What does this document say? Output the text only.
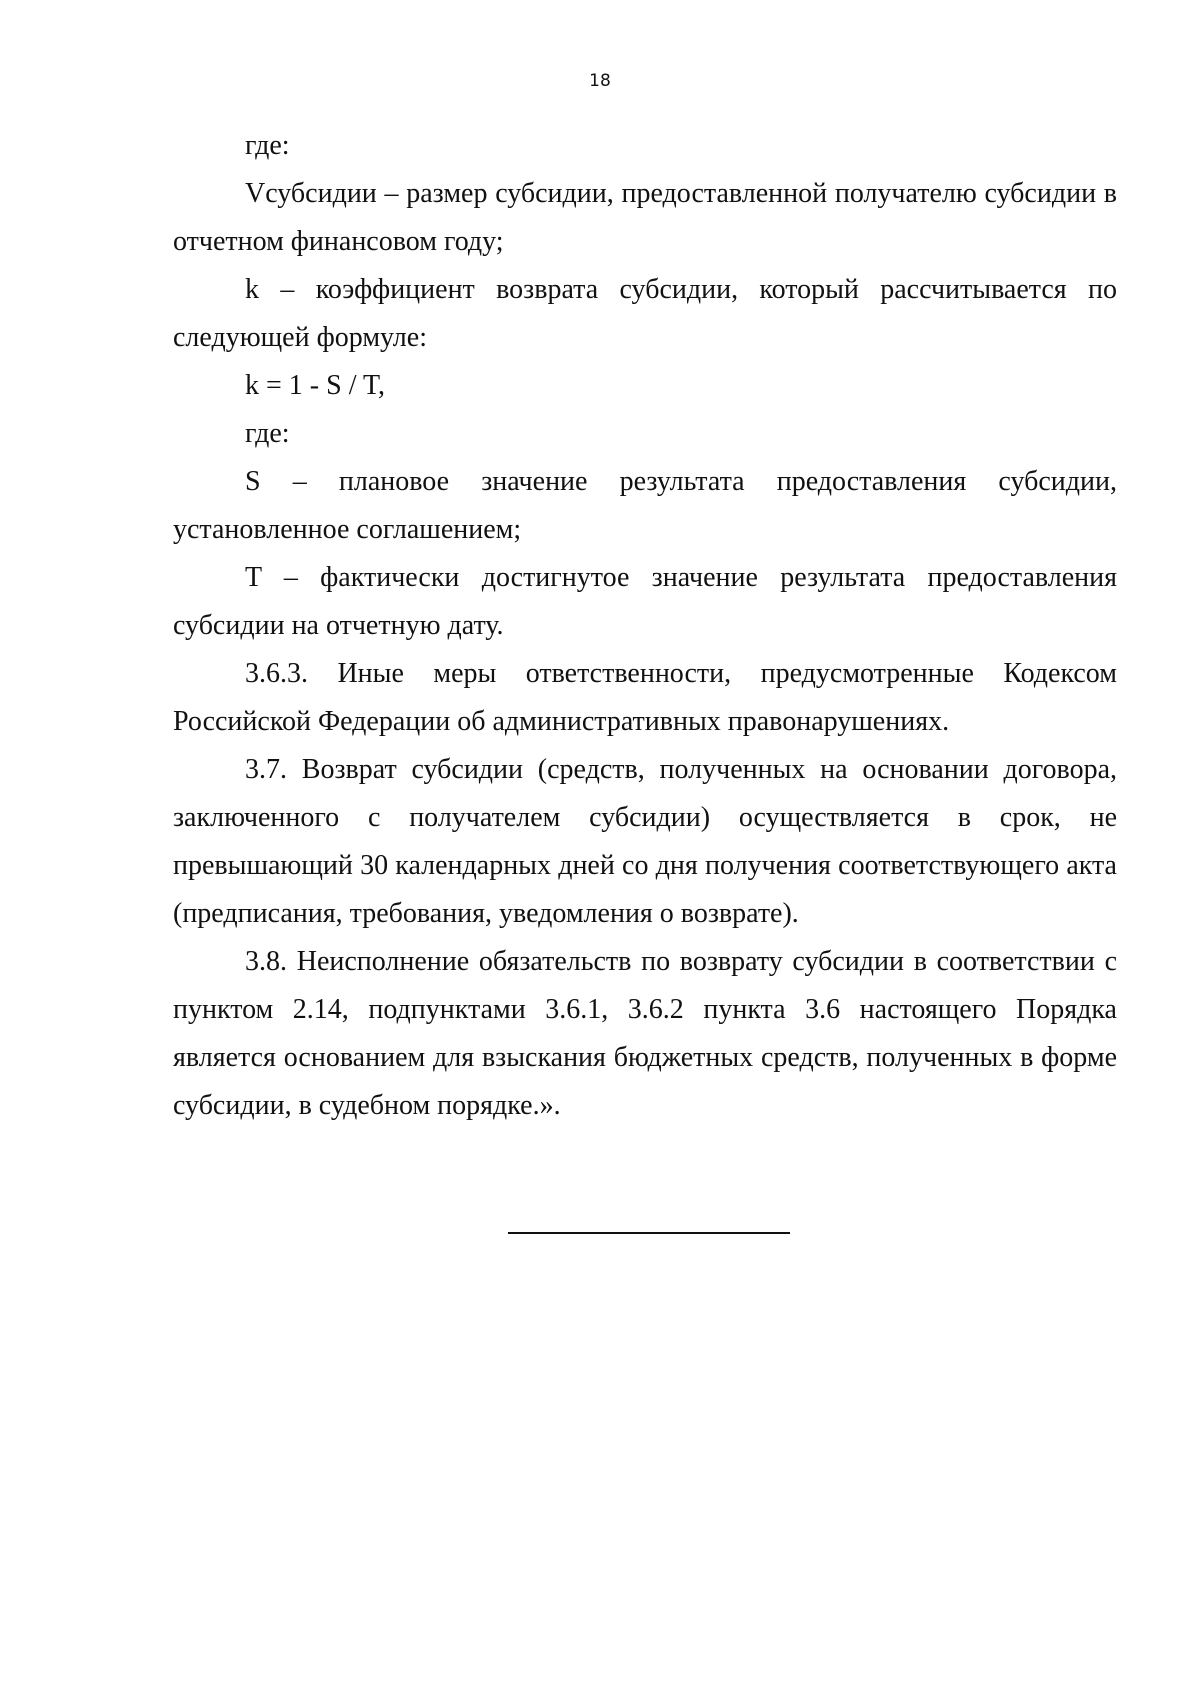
18

где:

Vсубсидии – размер субсидии, предоставленной получателю субсидии в отчетном финансовом году;

k – коэффициент возврата субсидии, который рассчитывается по следующей формуле:

k = 1 - S / T,

где:

S – плановое значение результата предоставления субсидии, установленное соглашением;

T – фактически достигнутое значение результата предоставления субсидии на отчетную дату.

3.6.3. Иные меры ответственности, предусмотренные Кодексом Российской Федерации об административных правонарушениях.

3.7. Возврат субсидии (средств, полученных на основании договора, заключенного с получателем субсидии) осуществляется в срок, не превышающий 30 календарных дней со дня получения соответствующего акта (предписания, требования, уведомления о возврате).

3.8. Неисполнение обязательств по возврату субсидии в соответствии с пунктом 2.14, подпунктами 3.6.1, 3.6.2 пункта 3.6 настоящего Порядка является основанием для взыскания бюджетных средств, полученных в форме субсидии, в судебном порядке.».
